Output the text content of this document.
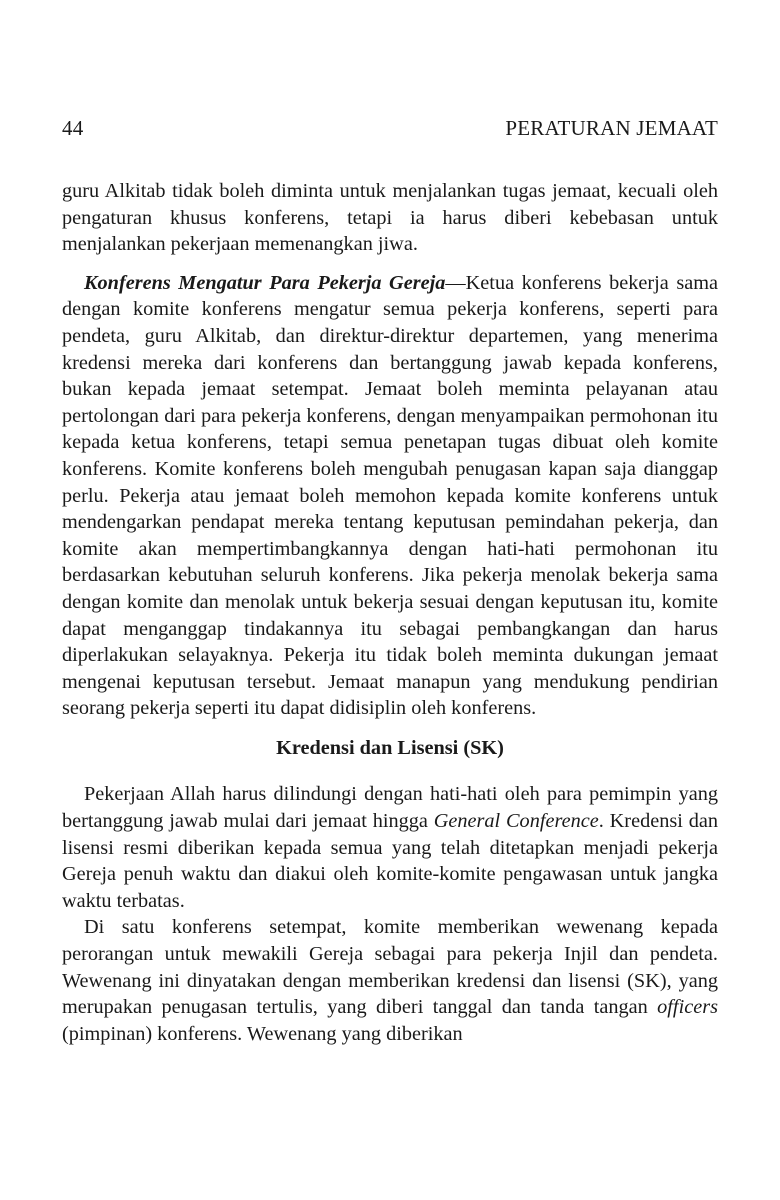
44	PERATURAN JEMAAT

guru Alkitab tidak boleh diminta untuk menjalankan tugas jemaat, kecuali oleh pengaturan khusus konferens, tetapi ia harus diberi kebebasan untuk menjalankan pekerjaan memenangkan jiwa.

Konferens Mengatur Para Pekerja Gereja—Ketua konferens bekerja sama dengan komite konferens mengatur semua pekerja konferens, seperti para pendeta, guru Alkitab, dan direktur-direktur departemen, yang menerima kredensi mereka dari konferens dan bertanggung jawab kepada konferens, bukan kepada jemaat setempat. Jemaat boleh meminta pelayanan atau pertolongan dari para pekerja konferens, dengan menyampaikan permohonan itu kepada ketua konferens, tetapi semua penetapan tugas dibuat oleh komite konferens. Komite konferens boleh mengubah penugasan kapan saja dianggap perlu. Pekerja atau jemaat boleh memohon kepada komite konferens untuk mendengarkan pendapat mereka tentang keputusan pemindahan pekerja, dan komite akan mempertimbangkannya dengan hati-hati permohonan itu berdasarkan kebutuhan seluruh konferens. Jika pekerja menolak bekerja sama dengan komite dan menolak untuk bekerja sesuai dengan keputusan itu, komite dapat menganggap tindakannya itu sebagai pembangkangan dan harus diperlakukan selayaknya. Pekerja itu tidak boleh meminta dukungan jemaat mengenai keputusan tersebut. Jemaat manapun yang mendukung pendirian seorang pekerja seperti itu dapat didisiplin oleh konferens.

Kredensi dan Lisensi (SK)

Pekerjaan Allah harus dilindungi dengan hati-hati oleh para pemimpin yang bertanggung jawab mulai dari jemaat hingga General Conference. Kredensi dan lisensi resmi diberikan kepada semua yang telah ditetapkan menjadi pekerja Gereja penuh waktu dan diakui oleh komite-komite pengawasan untuk jangka waktu terbatas.

Di satu konferens setempat, komite memberikan wewenang kepada perorangan untuk mewakili Gereja sebagai para pekerja Injil dan pendeta. Wewenang ini dinyatakan dengan memberikan kredensi dan lisensi (SK), yang merupakan penugasan tertulis, yang diberi tanggal dan tanda tangan officers (pimpinan) konferens. Wewenang yang diberikan
